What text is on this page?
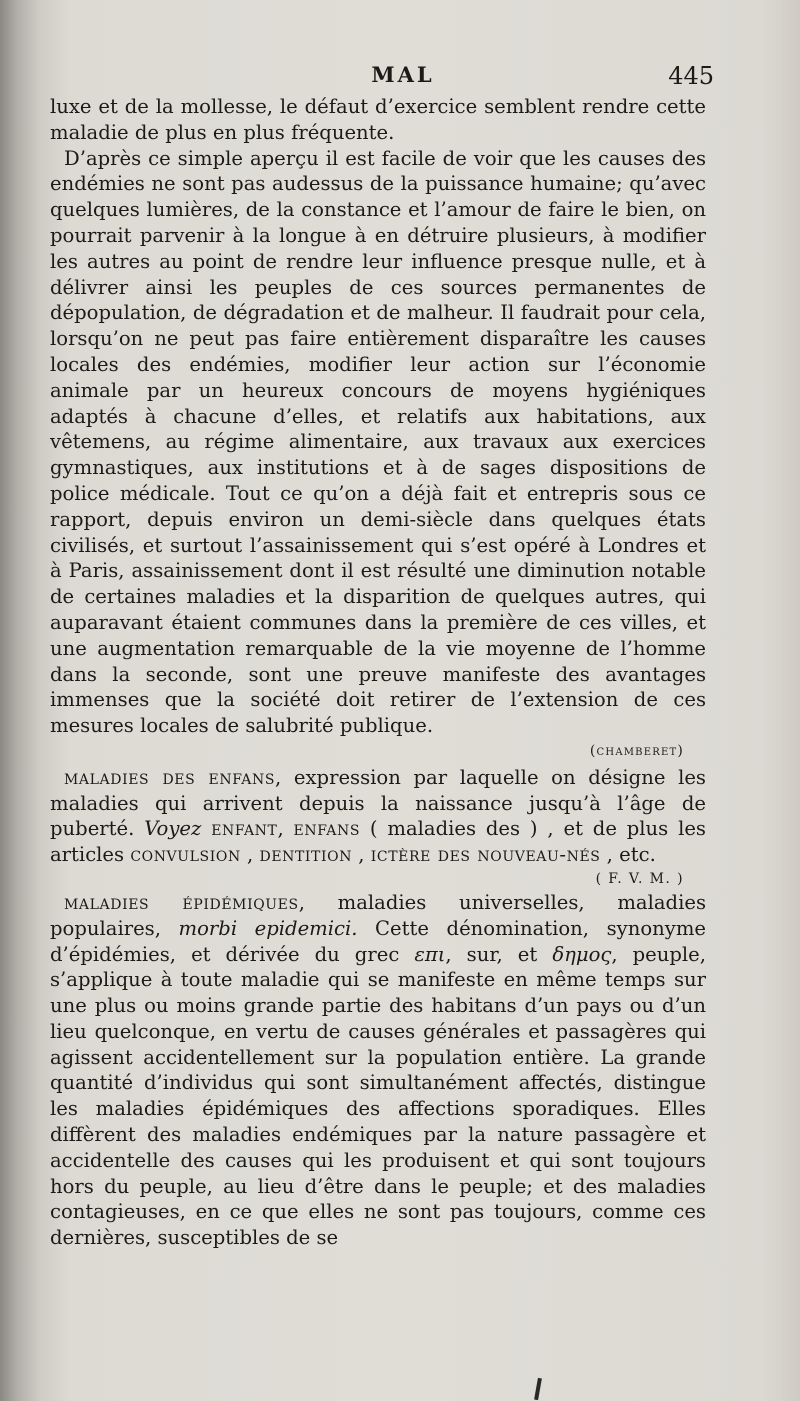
MAL	445

luxe et de la mollesse, le défaut d’exercice semblent rendre cette maladie de plus en plus fréquente.

D’après ce simple aperçu il est facile de voir que les causes des endémies ne sont pas audessus de la puissance humaine; qu’avec quelques lumières, de la constance et l’amour de faire le bien, on pourrait parvenir à la longue à en détruire plusieurs, à modifier les autres au point de rendre leur influence presque nulle, et à délivrer ainsi les peuples de ces sources permanentes de dépopulation, de dégradation et de malheur. Il faudrait pour cela, lorsqu’on ne peut pas faire entièrement disparaître les causes locales des endémies, modifier leur action sur l’économie animale par un heureux concours de moyens hygiéniques adaptés à chacune d’elles, et relatifs aux habitations, aux vêtemens, au régime alimentaire, aux travaux aux exercices gymnastiques, aux institutions et à de sages dispositions de police médicale. Tout ce qu’on a déjà fait et entrepris sous ce rapport, depuis environ un demi-siècle dans quelques états civilisés, et surtout l’assainissement qui s’est opéré à Londres et à Paris, assainissement dont il est résulté une diminution notable de certaines maladies et la disparition de quelques autres, qui auparavant étaient communes dans la première de ces villes, et une augmentation remarquable de la vie moyenne de l’homme dans la seconde, sont une preuve manifeste des avantages immenses que la société doit retirer de l’extension de ces mesures locales de salubrité publique.

(chamberet)

maladies des enfans, expression par laquelle on désigne les maladies qui arrivent depuis la naissance jusqu’à l’âge de puberté. Voyez enfant, enfans ( maladies des ) , et de plus les articles convulsion , dentition , ictère des nouveau-nés , etc.

( F. V. M. )

maladies épidémiques, maladies universelles, maladies populaires, morbi epidemici. Cette dénomination, synonyme d’épidémies, et dérivée du grec επι, sur, et δημος, peuple, s’applique à toute maladie qui se manifeste en même temps sur une plus ou moins grande partie des habitans d’un pays ou d’un lieu quelconque, en vertu de causes générales et passagères qui agissent accidentellement sur la population entière. La grande quantité d’individus qui sont simultanément affectés, distingue les maladies épidémiques des affections sporadiques. Elles diffèrent des maladies endémiques par la nature passagère et accidentelle des causes qui les produisent et qui sont toujours hors du peuple, au lieu d’être dans le peuple; et des maladies contagieuses, en ce que elles ne sont pas toujours, comme ces dernières, susceptibles de se
